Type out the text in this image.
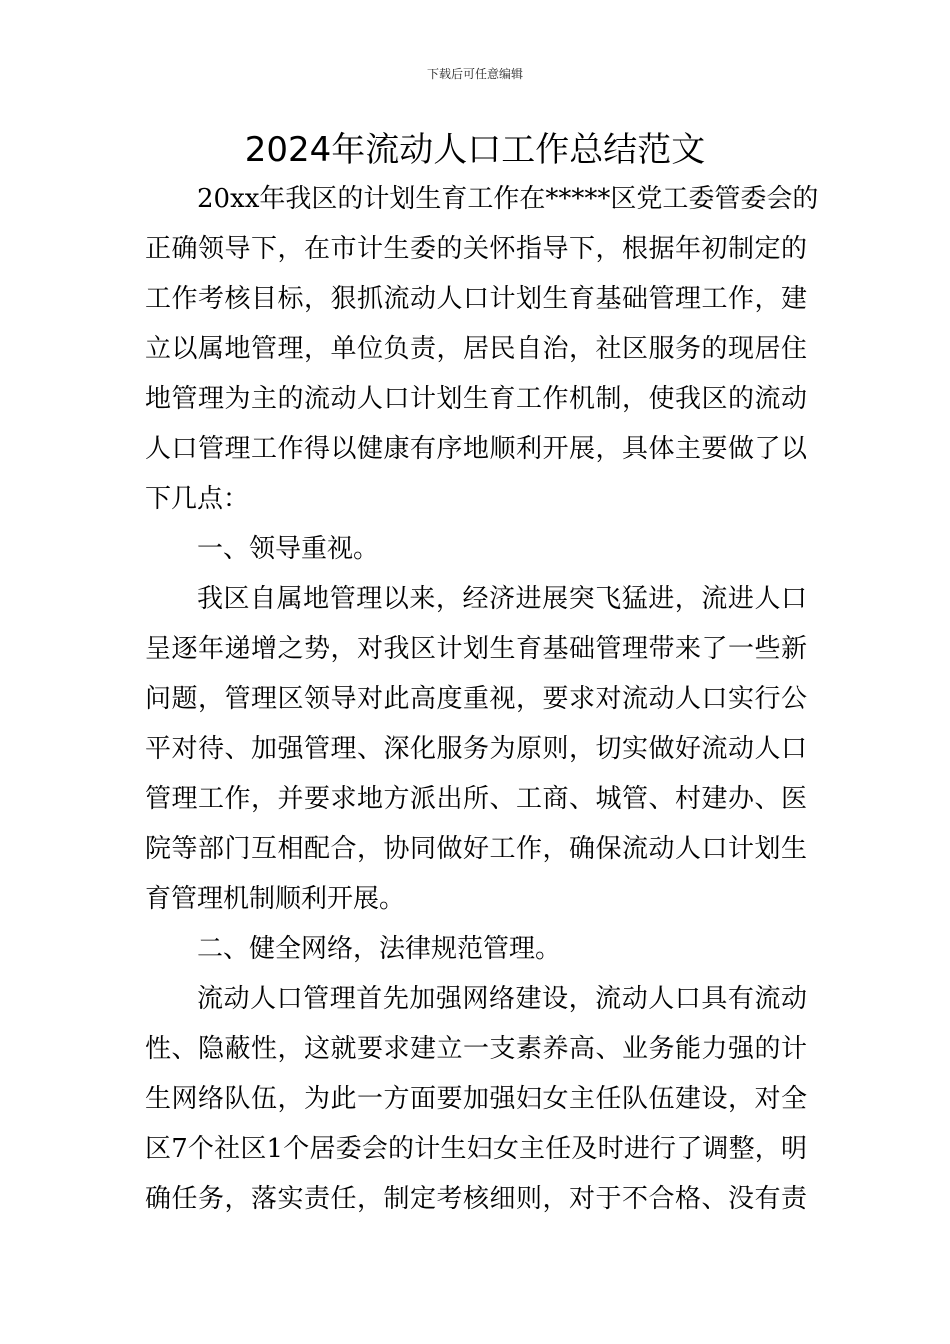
下载后可任意编辑
2024年流动人口工作总结范文
20xx年我区的计划生育工作在*****区党工委管委会的
正确领导下，在市计生委的关怀指导下，根据年初制定的
工作考核目标，狠抓流动人口计划生育基础管理工作，建
立以属地管理，单位负责，居民自治，社区服务的现居住
地管理为主的流动人口计划生育工作机制，使我区的流动
人口管理工作得以健康有序地顺利开展，具体主要做了以
下几点：
一、领导重视。
我区自属地管理以来，经济进展突飞猛进，流进人口
呈逐年递增之势，对我区计划生育基础管理带来了一些新
问题，管理区领导对此高度重视，要求对流动人口实行公
平对待、加强管理、深化服务为原则，切实做好流动人口
管理工作，并要求地方派出所、工商、城管、村建办、医
院等部门互相配合，协同做好工作，确保流动人口计划生
育管理机制顺利开展。
二、健全网络，法律规范管理。
流动人口管理首先加强网络建设，流动人口具有流动
性、隐蔽性，这就要求建立一支素养高、业务能力强的计
生网络队伍，为此一方面要加强妇女主任队伍建设，对全
区7个社区1个居委会的计生妇女主任及时进行了调整，明
确任务，落实责任，制定考核细则，对于不合格、没有责
